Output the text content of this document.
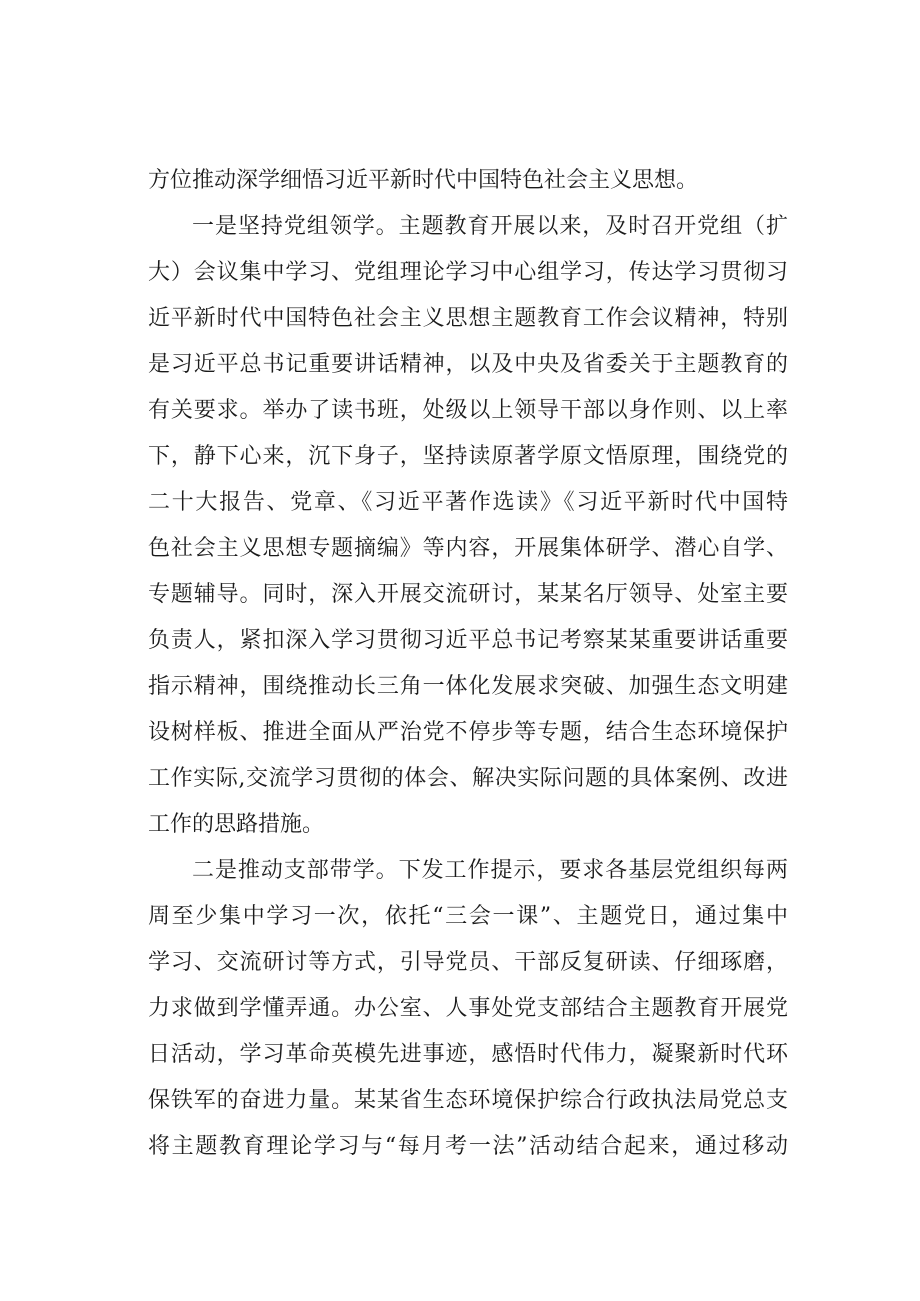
方位推动深学细悟习近平新时代中国特色社会主义思想。

一是坚持党组领学。主题教育开展以来，及时召开党组（扩

大）会议集中学习、党组理论学习中心组学习，传达学习贯彻习

近平新时代中国特色社会主义思想主题教育工作会议精神，特别

是习近平总书记重要讲话精神，以及中央及省委关于主题教育的

有关要求。举办了读书班，处级以上领导干部以身作则、以上率

下，静下心来，沉下身子，坚持读原著学原文悟原理，围绕党的

二十大报告、党章、《习近平著作选读》《习近平新时代中国特

色社会主义思想专题摘编》等内容，开展集体研学、潜心自学、

专题辅导。同时，深入开展交流研讨，某某名厅领导、处室主要

负责人，紧扣深入学习贯彻习近平总书记考察某某重要讲话重要

指示精神，围绕推动长三角一体化发展求突破、加强生态文明建

设树样板、推进全面从严治党不停步等专题，结合生态环境保护

工作实际,交流学习贯彻的体会、解决实际问题的具体案例、改进

工作的思路措施。

二是推动支部带学。下发工作提示，要求各基层党组织每两

周至少集中学习一次，依托“三会一课”、主题党日，通过集中

学习、交流研讨等方式，引导党员、干部反复研读、仔细琢磨，

力求做到学懂弄通。办公室、人事处党支部结合主题教育开展党

日活动，学习革命英模先进事迹，感悟时代伟力，凝聚新时代环

保铁军的奋进力量。某某省生态环境保护综合行政执法局党总支

将主题教育理论学习与“每月考一法”活动结合起来，通过移动
